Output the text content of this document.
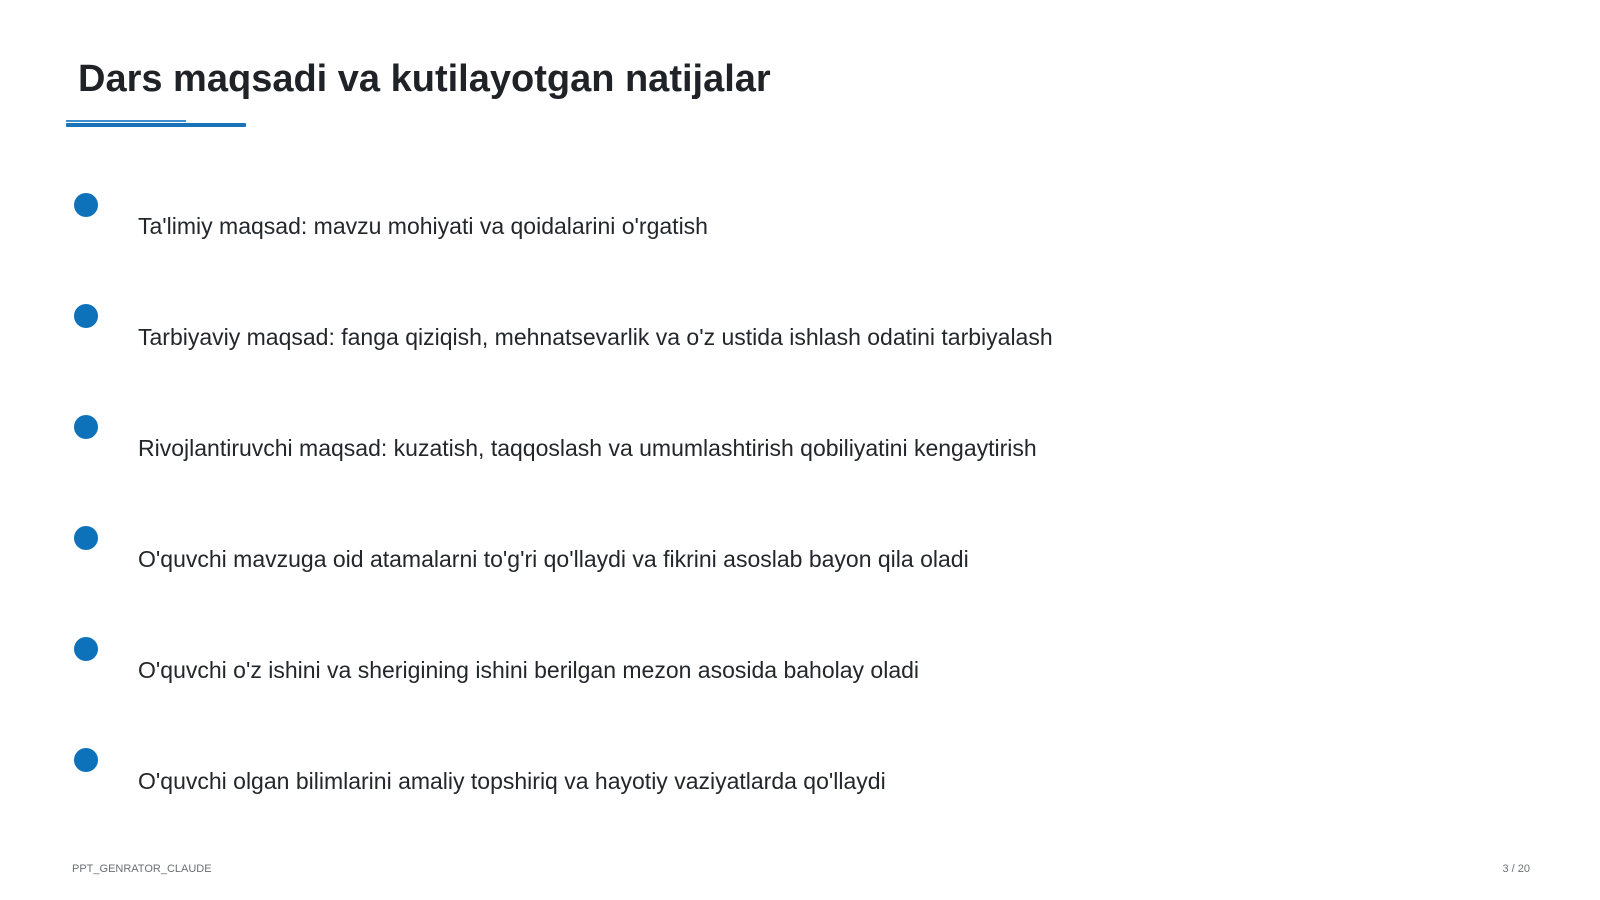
Dars maqsadi va kutilayotgan natijalar
Ta'limiy maqsad: mavzu mohiyati va qoidalarini o'rgatish
Tarbiyaviy maqsad: fanga qiziqish, mehnatsevarlik va o'z ustida ishlash odatini tarbiyalash
Rivojlantiruvchi maqsad: kuzatish, taqqoslash va umumlashtirish qobiliyatini kengaytirish
O'quvchi mavzuga oid atamalarni to'g'ri qo'llaydi va fikrini asoslab bayon qila oladi
O'quvchi o'z ishini va sherigining ishini berilgan mezon asosida baholay oladi
O'quvchi olgan bilimlarini amaliy topshiriq va hayotiy vaziyatlarda qo'llaydi
PPT_GENRATOR_CLAUDE	3 / 20
